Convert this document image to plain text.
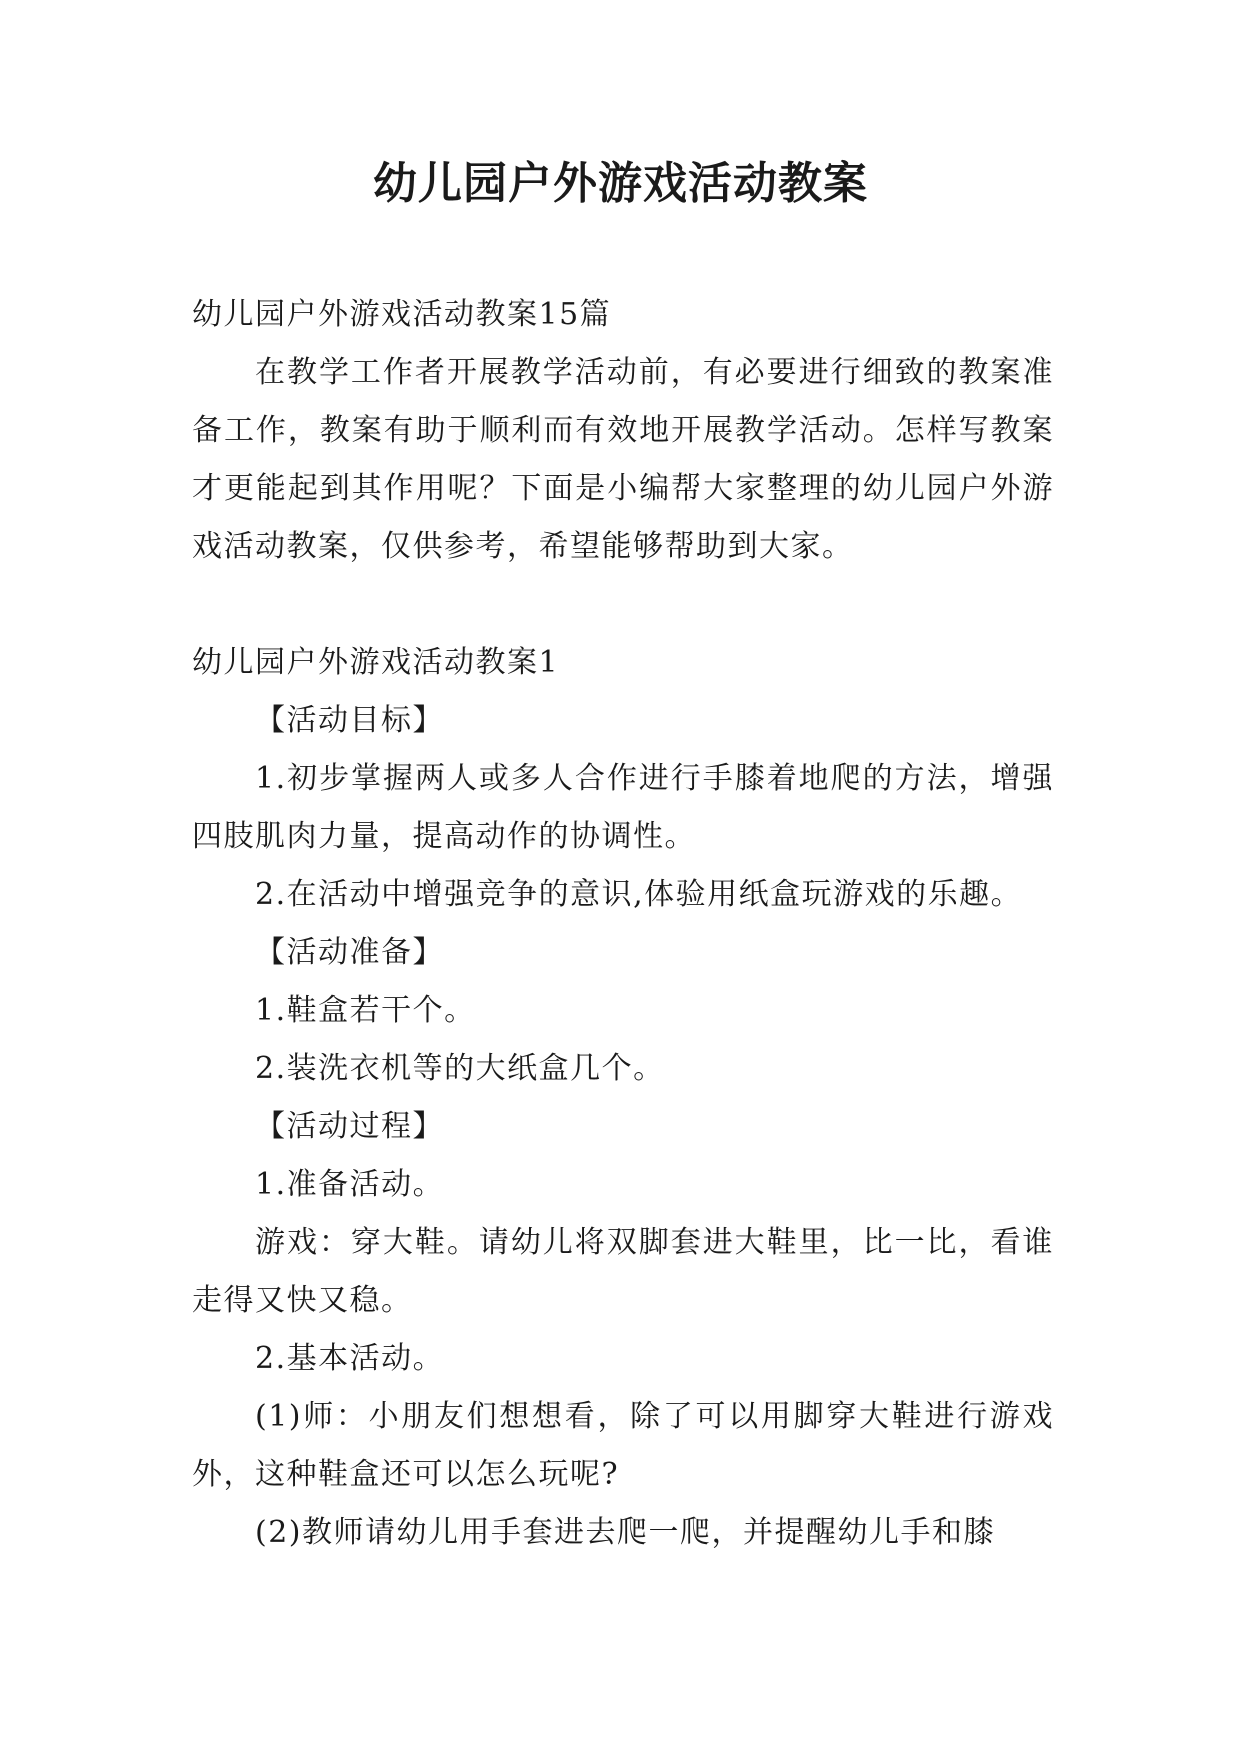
幼儿园户外游戏活动教案

幼儿园户外游戏活动教案15篇

在教学工作者开展教学活动前，有必要进行细致的教案准备工作，教案有助于顺利而有效地开展教学活动。怎样写教案才更能起到其作用呢？下面是小编帮大家整理的幼儿园户外游戏活动教案，仅供参考，希望能够帮助到大家。

幼儿园户外游戏活动教案1

【活动目标】

1.初步掌握两人或多人合作进行手膝着地爬的方法，增强四肢肌肉力量，提高动作的协调性。

2.在活动中增强竞争的意识,体验用纸盒玩游戏的乐趣。

【活动准备】

1.鞋盒若干个。

2.装洗衣机等的大纸盒几个。

【活动过程】

1.准备活动。

游戏：穿大鞋。请幼儿将双脚套进大鞋里，比一比，看谁走得又快又稳。

2.基本活动。

(1)师：小朋友们想想看，除了可以用脚穿大鞋进行游戏外，这种鞋盒还可以怎么玩呢?

(2)教师请幼儿用手套进去爬一爬，并提醒幼儿手和膝
